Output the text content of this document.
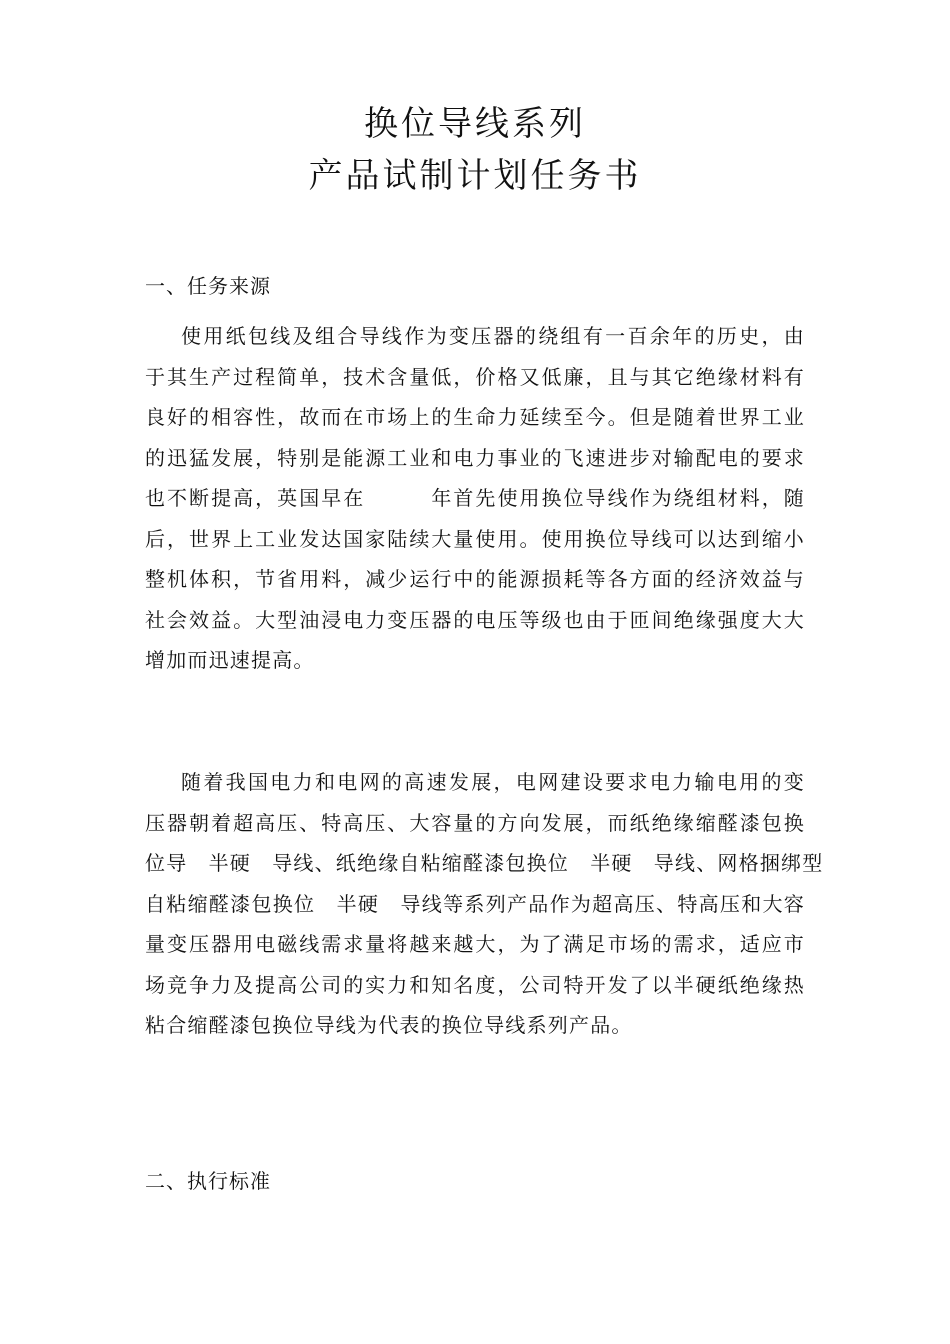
换位导线系列
产品试制计划任务书
一、任务来源
使用纸包线及组合导线作为变压器的绕组有一百余年的历史，由
于其生产过程简单，技术含量低，价格又低廉，且与其它绝缘材料有
良好的相容性，故而在市场上的生命力延续至今。但是随着世界工业
的迅猛发展，特别是能源工业和电力事业的飞速进步对输配电的要求
也不断提高，英国早在　　　年首先使用换位导线作为绕组材料，随
后，世界上工业发达国家陆续大量使用。使用换位导线可以达到缩小
整机体积，节省用料，减少运行中的能源损耗等各方面的经济效益与
社会效益。大型油浸电力变压器的电压等级也由于匝间绝缘强度大大
增加而迅速提高。
随着我国电力和电网的高速发展，电网建设要求电力输电用的变
压器朝着超高压、特高压、大容量的方向发展，而纸绝缘缩醛漆包换
位导　半硬　导线、纸绝缘自粘缩醛漆包换位　半硬　导线、网格捆绑型
自粘缩醛漆包换位　半硬　导线等系列产品作为超高压、特高压和大容
量变压器用电磁线需求量将越来越大，为了满足市场的需求，适应市
场竞争力及提高公司的实力和知名度，公司特开发了以半硬纸绝缘热
粘合缩醛漆包换位导线为代表的换位导线系列产品。
二、执行标准
